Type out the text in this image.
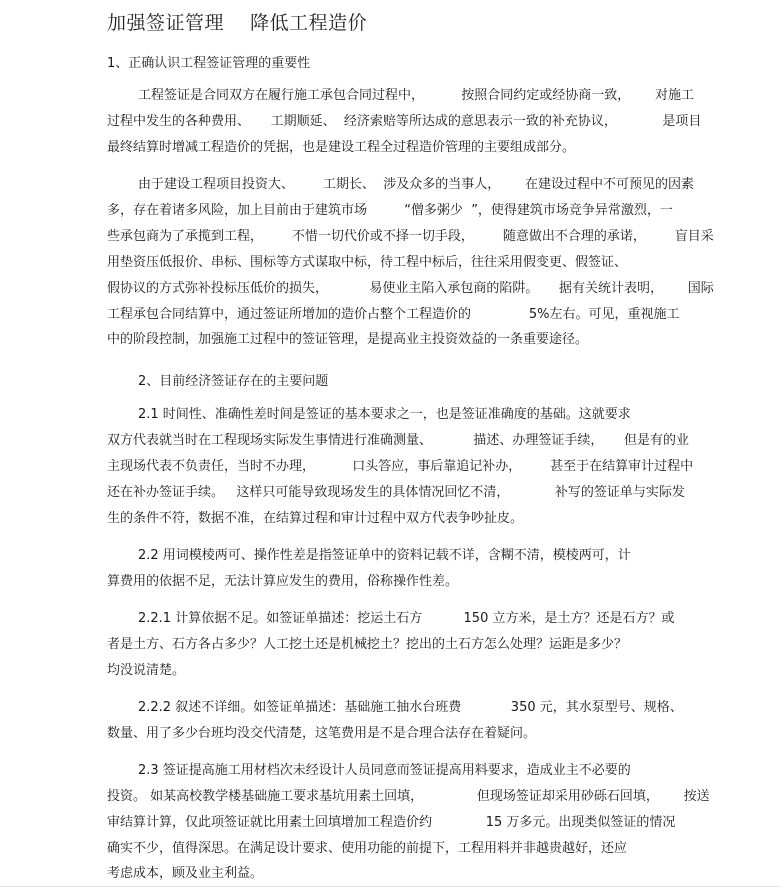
加强签证管理    降低工程造价
1、正确认识工程签证管理的重要性
工程签证是合同双方在履行施工承包合同过程中，         按照合同约定或经协商一致，      对施工
过程中发生的各种费用、     工期顺延、  经济索赔等所达成的意思表示一致的补充协议，           是项目
最终结算时增减工程造价的凭据，也是建设工程全过程造价管理的主要组成部分。
由于建设工程项目投资大、       工期长、  涉及众多的当事人，      在建设过程中不可预见的因素
多，存在着诸多风险，加上目前由于建筑市场         “僧多粥少  ”，使得建筑市场竞争异常激烈，一
些承包商为了承揽到工程，       不惜一切代价或不择一切手段，       随意做出不合理的承诺，       盲目采
用垫资压低报价、串标、围标等方式谋取中标，待工程中标后，往往采用假变更、假签证、
假协议的方式弥补投标压低价的损失，          易使业主陷入承包商的陷阱。     据有关统计表明，      国际
工程承包合同结算中，通过签证所增加的造价占整个工程造价的              5%左右。可见，重视施工
中的阶段控制，加强施工过程中的签证管理，是提高业主投资效益的一条重要途径。
2、目前经济签证存在的主要问题
2.1 时间性、准确性差时间是签证的基本要求之一，也是签证准确度的基础。这就要求
双方代表就当时在工程现场实际发生事情进行准确测量、          描述、办理签证手续，     但是有的业
主现场代表不负责任，当时不办理，         口头答应，事后靠追记补办，       甚至于在结算审计过程中
还在补办签证手续。   这样只可能导致现场发生的具体情况回忆不清，           补写的签证单与实际发
生的条件不符，数据不准，在结算过程和审计过程中双方代表争吵扯皮。
2.2 用词模棱两可、操作性差是指签证单中的资料记载不详，含糊不清，模棱两可，计
算费用的依据不足，无法计算应发生的费用，俗称操作性差。
2.2.1 计算依据不足。如签证单描述：挖运土石方          150 立方米，是土方？还是石方？或
者是土方、石方各占多少？人工挖土还是机械挖土？挖出的土石方怎么处理？运距是多少？
均没说清楚。
2.2.2 叙述不详细。如签证单描述：基础施工抽水台班费            350 元，其水泵型号、规格、
数量、用了多少台班均没交代清楚，这笔费用是不是合理合法存在着疑问。
2.3 签证提高施工用材档次未经设计人员同意而签证提高用料要求，造成业主不必要的
投资。 如某高校教学楼基础施工要求基坑用素土回填，             但现场签证却采用砂砾石回填，      按送
审结算计算，仅此项签证就比用素土回填增加工程造价约             15 万多元。出现类似签证的情况
确实不少，值得深思。在满足设计要求、使用功能的前提下，工程用料并非越贵越好，还应
考虑成本，顾及业主利益。
